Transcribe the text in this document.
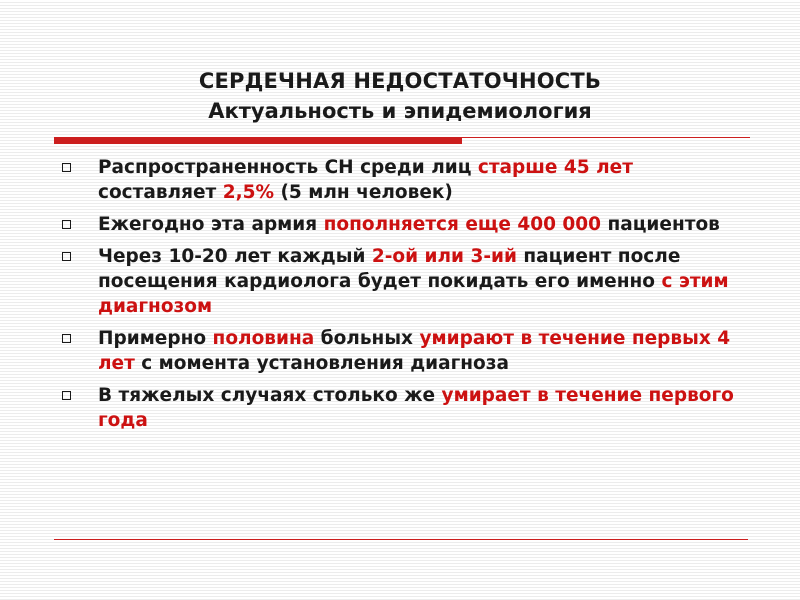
СЕРДЕЧНАЯ НЕДОСТАТОЧНОСТЬ
Актуальность и эпидемиология
Распространенность СН среди лиц старше 45 лет составляет 2,5% (5 млн человек)
Ежегодно эта армия пополняется еще 400 000 пациентов
Через 10-20 лет каждый 2-ой или 3-ий пациент после посещения кардиолога будет покидать его именно с этим диагнозом
Примерно половина больных умирают в течение первых 4 лет с момента установления диагноза
В тяжелых случаях столько же умирает в течение первого года
